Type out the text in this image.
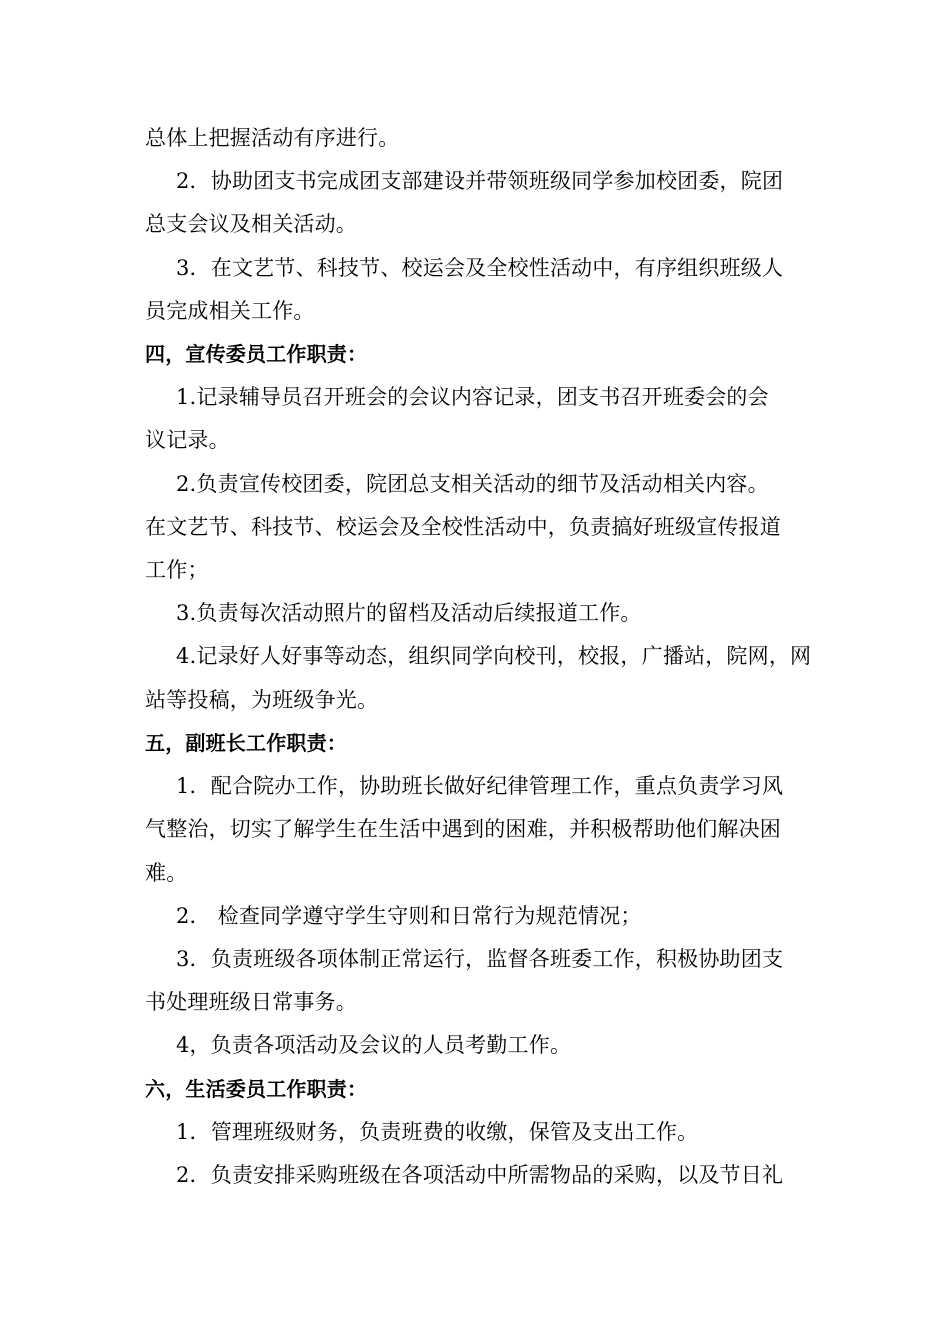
总体上把握活动有序进行。
2．协助团支书完成团支部建设并带领班级同学参加校团委，院团
总支会议及相关活动。
3．在文艺节、科技节、校运会及全校性活动中，有序组织班级人
员完成相关工作。
四，宣传委员工作职责：
1.记录辅导员召开班会的会议内容记录，团支书召开班委会的会
议记录。
2.负责宣传校团委，院团总支相关活动的细节及活动相关内容。
在文艺节、科技节、校运会及全校性活动中，负责搞好班级宣传报道
工作；
3.负责每次活动照片的留档及活动后续报道工作。
4.记录好人好事等动态，组织同学向校刊，校报，广播站，院网，网
站等投稿，为班级争光。
五，副班长工作职责：
1．配合院办工作，协助班长做好纪律管理工作，重点负责学习风
气整治，切实了解学生在生活中遇到的困难，并积极帮助他们解决困
难。
2． 检查同学遵守学生守则和日常行为规范情况；
3．负责班级各项体制正常运行，监督各班委工作，积极协助团支
书处理班级日常事务。
4，负责各项活动及会议的人员考勤工作。
六，生活委员工作职责：
1．管理班级财务，负责班费的收缴，保管及支出工作。
2．负责安排采购班级在各项活动中所需物品的采购，以及节日礼
